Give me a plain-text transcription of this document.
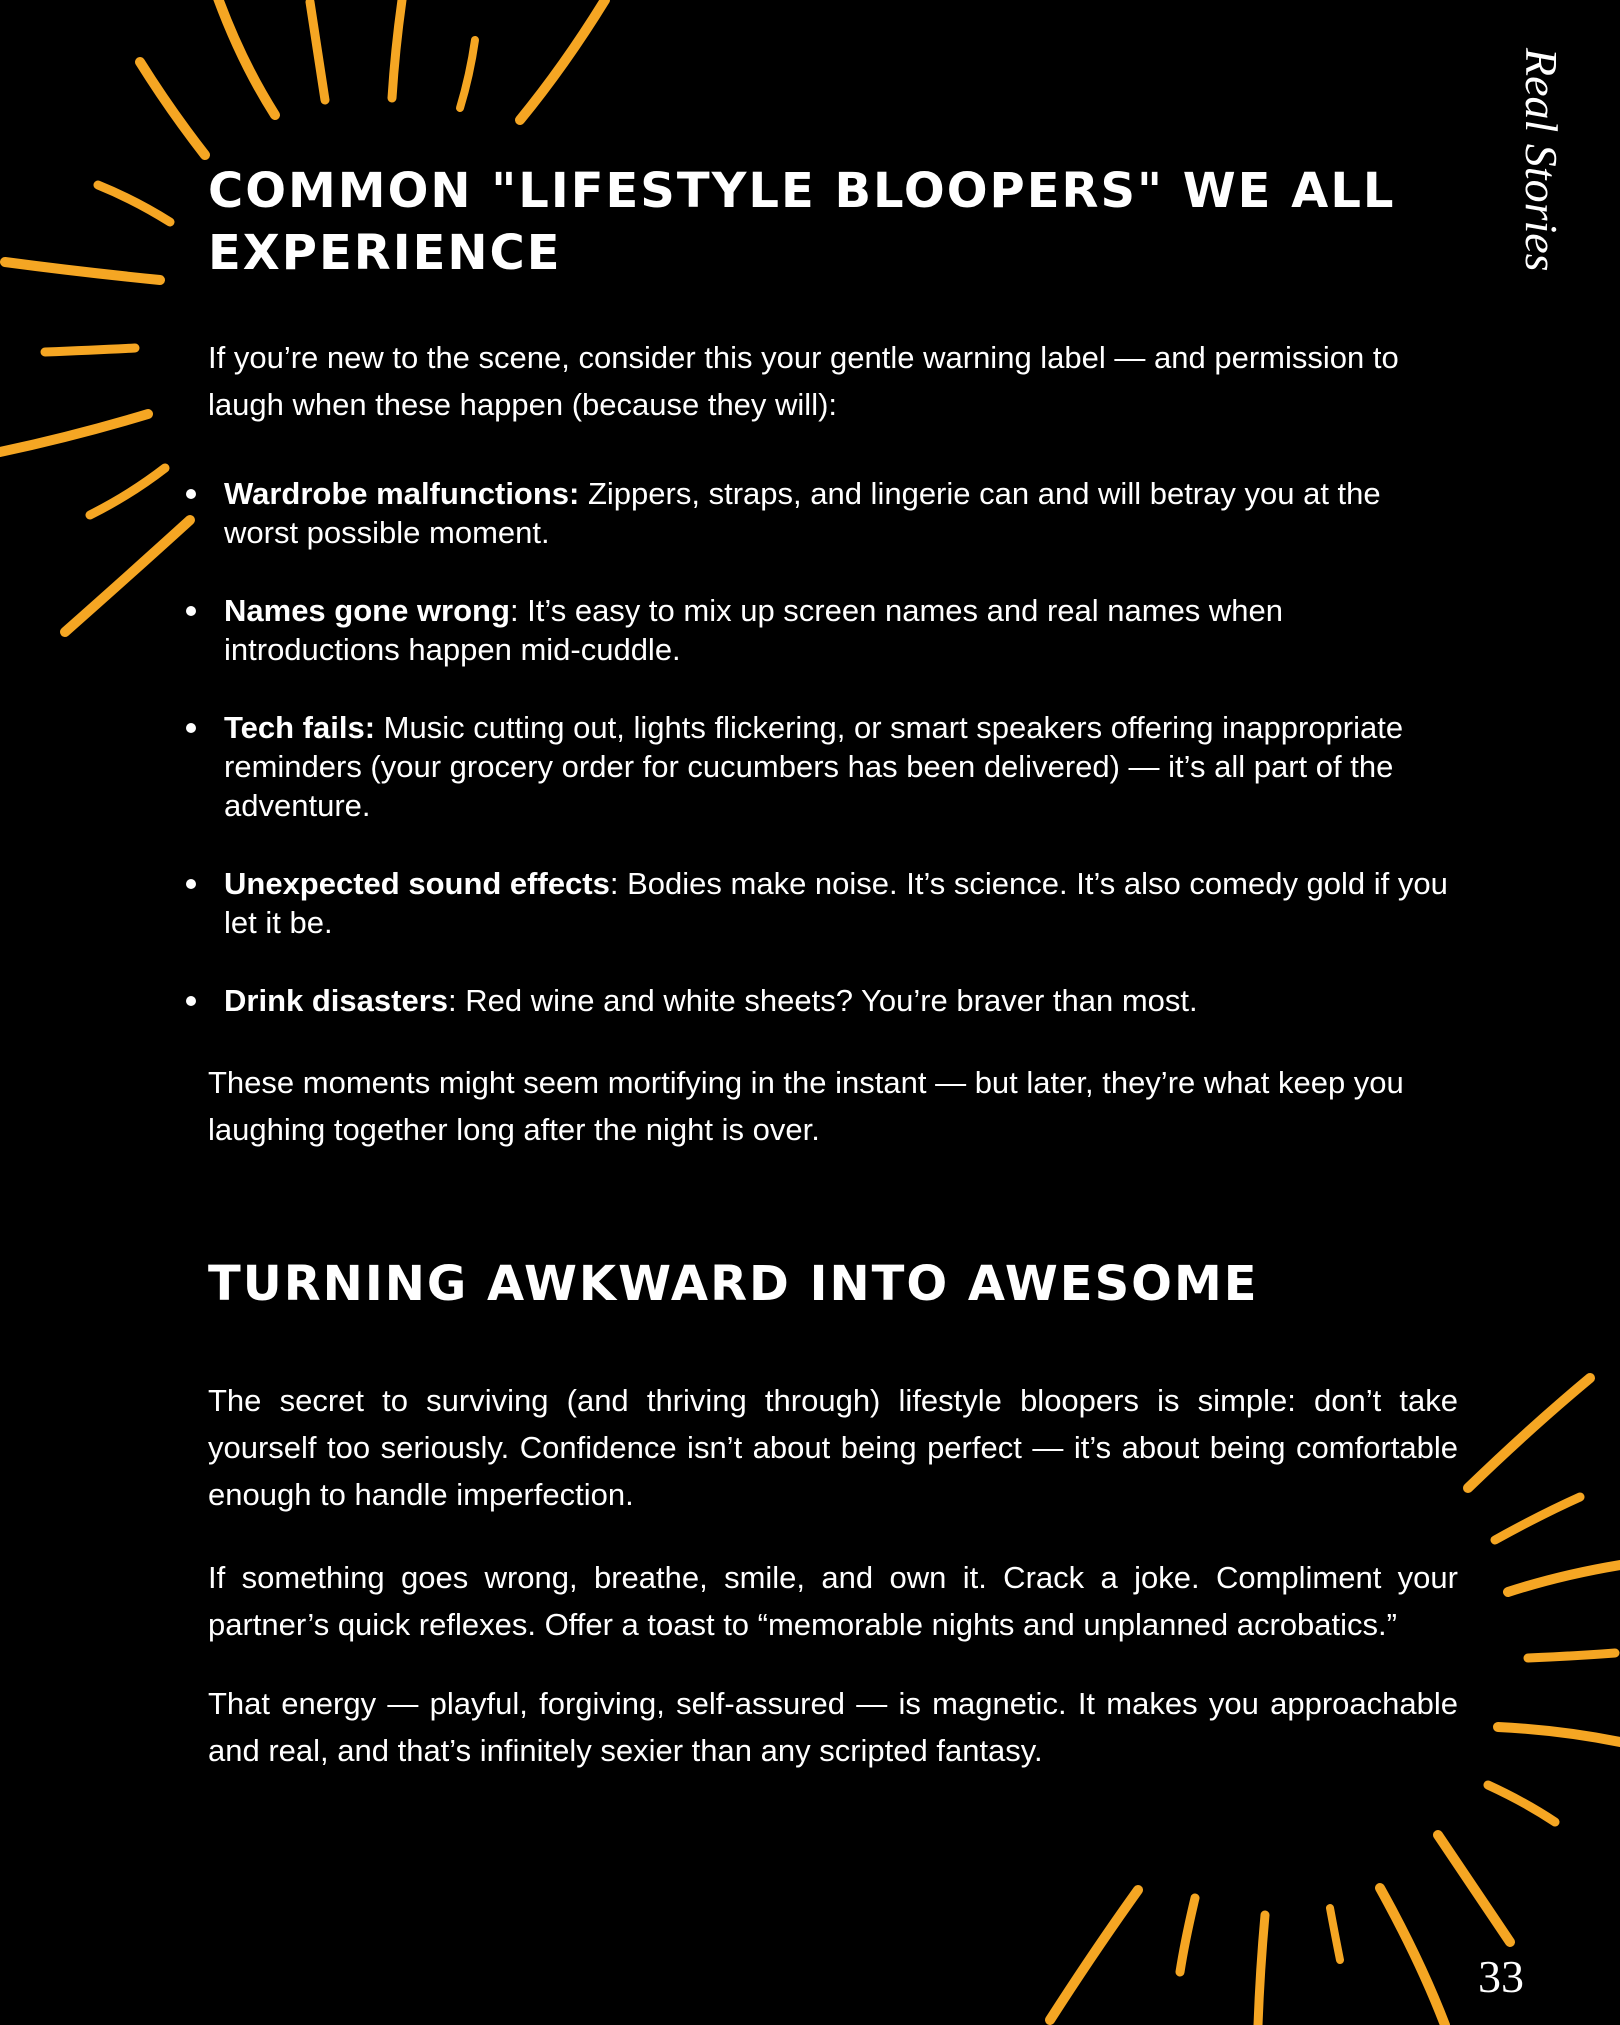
Real Stories
COMMON "LIFESTYLE BLOOPERS" WE ALL
EXPERIENCE

If you’re new to the scene, consider this your gentle warning label — and permission to laugh when these happen (because they will):

Wardrobe malfunctions: Zippers, straps, and lingerie can and will betray you at the worst possible moment.
Names gone wrong: It’s easy to mix up screen names and real names when introductions happen mid-cuddle.
Tech fails: Music cutting out, lights flickering, or smart speakers offering inappropriate reminders (your grocery order for cucumbers has been delivered) — it’s all part of the adventure.
Unexpected sound effects: Bodies make noise. It’s science. It’s also comedy gold if you let it be.
Drink disasters: Red wine and white sheets? You’re braver than most.

These moments might seem mortifying in the instant — but later, they’re what keep you laughing together long after the night is over.

TURNING AWKWARD INTO AWESOME

The secret to surviving (and thriving through) lifestyle bloopers is simple: don’t take yourself too seriously. Confidence isn’t about being perfect — it’s about being comfortable enough to handle imperfection.

If something goes wrong, breathe, smile, and own it. Crack a joke. Compliment your partner’s quick reflexes. Offer a toast to “memorable nights and unplanned acrobatics.”

That energy — playful, forgiving, self-assured — is magnetic. It makes you approachable and real, and that’s infinitely sexier than any scripted fantasy.

33
